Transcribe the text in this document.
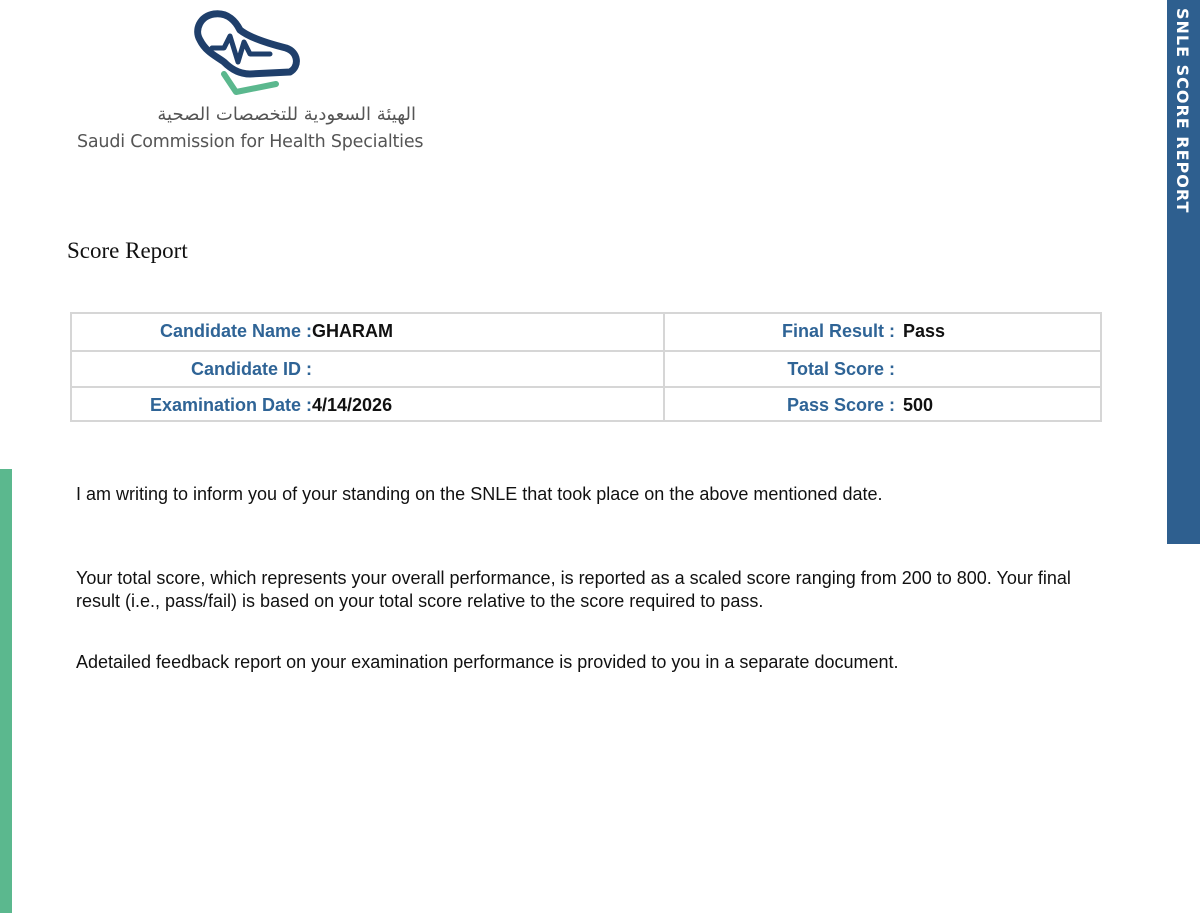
الهيئة السعودية للتخصصات الصحية
Saudi Commission for Health Specialties
Score Report
Candidate Name : GHARAM	Final Result : Pass
Candidate ID :	Total Score :
Examination Date : 4/14/2026	Pass Score : 500

I am writing to inform you of your standing on the SNLE that took place on the above mentioned date.

Your total score, which represents your overall performance, is reported as a scaled score ranging from 200 to 800. Your final result (i.e., pass/fail) is based on your total score relative to the score required to pass.

Adetailed feedback report on your examination performance is provided to you in a separate document.

SNLE SCORE REPORT
